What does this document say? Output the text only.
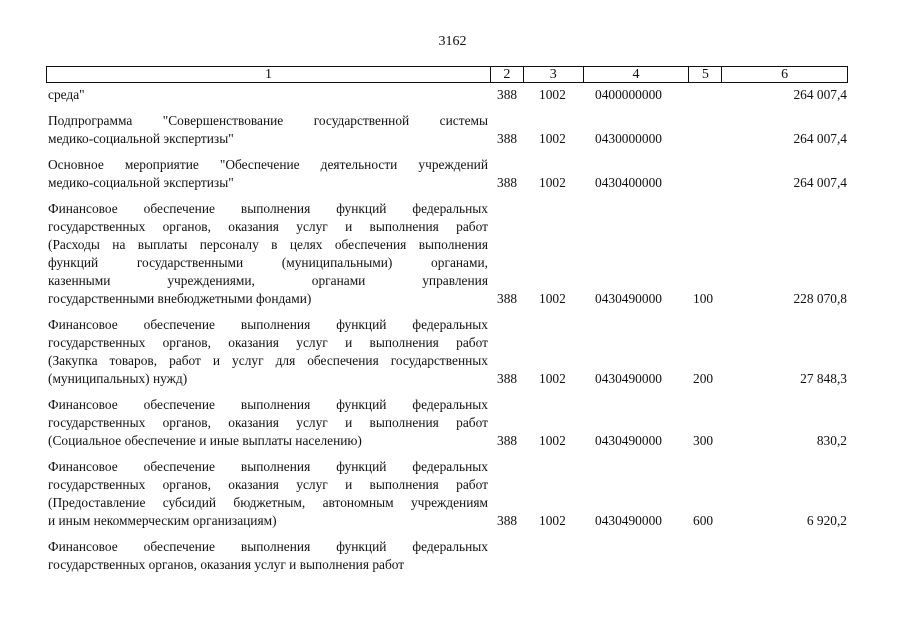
3162
1	2	3	4	5	6
среда"	388 1002 0400000000	264 007,4
Подпрограмма "Совершенствование государственной системы
медико-социальной экспертизы"	388 1002 0430000000	264 007,4
Основное мероприятие "Обеспечение деятельности учреждений
медико-социальной экспертизы"	388 1002 0430400000	264 007,4
Финансовое обеспечение выполнения функций федеральных
государственных органов, оказания услуг и выполнения работ
(Расходы на выплаты персоналу в целях обеспечения выполнения
функций государственными (муниципальными) органами,
казенными учреждениями, органами управления
государственными внебюджетными фондами)	388 1002 0430490000 100	228 070,8
Финансовое обеспечение выполнения функций федеральных
государственных органов, оказания услуг и выполнения работ
(Закупка товаров, работ и услуг для обеспечения государственных
(муниципальных) нужд)	388 1002 0430490000 200	27 848,3
Финансовое обеспечение выполнения функций федеральных
государственных органов, оказания услуг и выполнения работ
(Социальное обеспечение и иные выплаты населению)	388 1002 0430490000 300	830,2
Финансовое обеспечение выполнения функций федеральных
государственных органов, оказания услуг и выполнения работ
(Предоставление субсидий бюджетным, автономным учреждениям
и иным некоммерческим организациям)	388 1002 0430490000 600	6 920,2
Финансовое обеспечение выполнения функций федеральных
государственных органов, оказания услуг и выполнения работ
